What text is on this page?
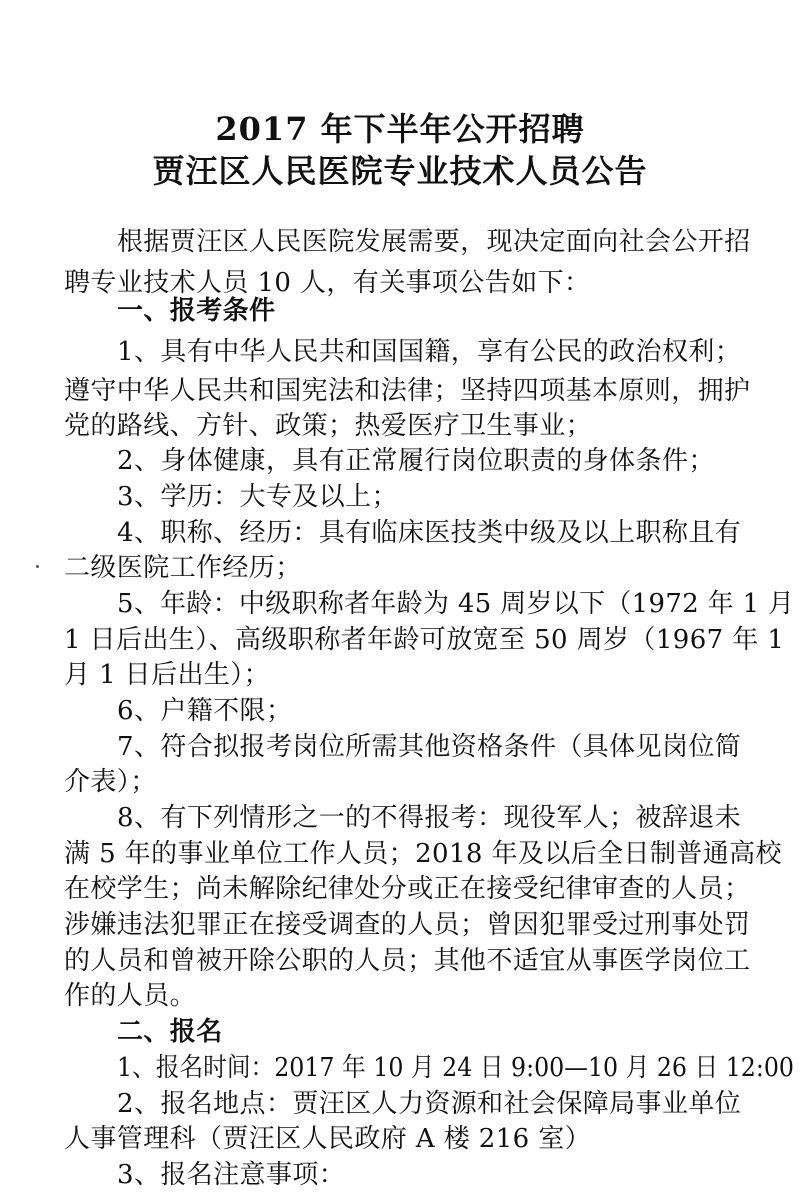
2017 年下半年公开招聘
贾汪区人民医院专业技术人员公告
根据贾汪区人民医院发展需要，现决定面向社会公开招
聘专业技术人员 10 人，有关事项公告如下：
一、报考条件
1、具有中华人民共和国国籍，享有公民的政治权利；
遵守中华人民共和国宪法和法律；坚持四项基本原则，拥护
党的路线、方针、政策；热爱医疗卫生事业；
2、身体健康，具有正常履行岗位职责的身体条件；
3、学历：大专及以上；
4、职称、经历：具有临床医技类中级及以上职称且有
二级医院工作经历；
5、年龄：中级职称者年龄为 45 周岁以下（1972 年 1 月
1 日后出生）、高级职称者年龄可放宽至 50 周岁（1967 年 1
月 1 日后出生）；
6、户籍不限；
7、符合拟报考岗位所需其他资格条件（具体见岗位简
介表）；
8、有下列情形之一的不得报考：现役军人；被辞退未
满 5 年的事业单位工作人员；2018 年及以后全日制普通高校
在校学生；尚未解除纪律处分或正在接受纪律审查的人员；
涉嫌违法犯罪正在接受调查的人员；曾因犯罪受过刑事处罚
的人员和曾被开除公职的人员；其他不适宜从事医学岗位工
作的人员。
二、报名
1、报名时间：2017 年 10 月 24 日 9:00—10 月 26 日 12:00
2、报名地点：贾汪区人力资源和社会保障局事业单位
人事管理科（贾汪区人民政府 A 楼 216 室）
3、报名注意事项：
